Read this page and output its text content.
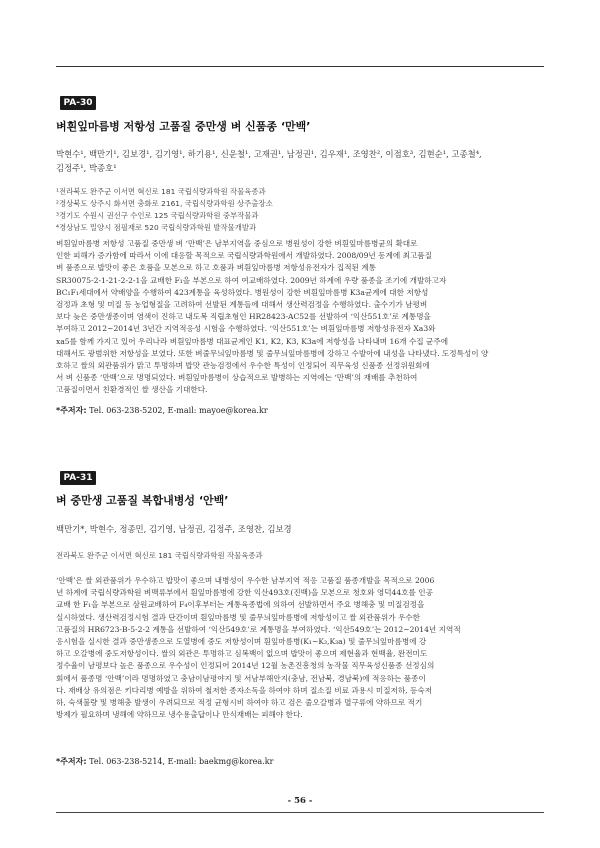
PA-30
벼흰잎마름병 저항성 고품질 중만생 벼 신품종 ‘만백’
박현수¹, 백만기¹, 김보경¹, 김기영¹, 하기용¹, 신운철¹, 고재권¹, 남정권¹, 김우재¹, 조영찬², 이점호³, 김현순¹, 고종철⁴,
김정주¹, 박종호¹
¹전라북도 완주군 이서면 혁신로 181 국립식량과학원 작물육종과
²경상북도 상주시 화서면 충화로 2161, 국립식량과학원 상주출장소
³경기도 수원시 권선구 수인로 125 국립식량과학원 중부작물과
⁴경상남도 밀양시 점필재로 520 국립식량과학원 발작물개발과

벼흰잎마름병 저항성 고품질 중만생 벼 ‘만백’은 남부지역을 중심으로 병원성이 강한 벼흰잎마름병균의 확대로

인한 피해가 증가함에 따라서 이에 대응할 목적으로 국립식량과학원에서 개발하였다. 2008/09년 동계에 최고품질

벼 품종으로 밥맛이 좋은 호품을 모본으로 하고 호품과 벼흰잎마름병 저항성유전자가 집적된 계통

SR30075-2-1-21-2-2-1을 교배한 F₁을 부본으로 하여 여교배하였다. 2009년 하계에 우량 품종을 조기에 개발하고자

BC₁F₁세대에서 약배양을 수행하여 423계통을 육성하였다. 병원성이 강한 벼흰잎마름병 K3a균계에 대한 저항성

검정과 초형 및 미질 등 농업형질을 고려하여 선발된 계통들에 대해서 생산력검정을 수행하였다. 출수기가 남평벼

보다 늦은 중만생종이며 염색이 진하고 내도복 직립초형인 HR28423-AC52를 선발하여 ‘익산551호’로 계통명을

부여하고 2012~2014년 3년간 지역적응성 시험을 수행하였다. ‘익산551호’는 벼흰잎마름병 저항성유전자 Xa3와

xa5를 함께 가지고 있어 우리나라 벼흰잎마름병 대표균계인 K1, K2, K3, K3a에 저항성을 나타내며 16개 수집 균주에

대해서도 광범위한 저항성을 보였다. 또한 벼줄무늬잎마름병 및 줄무늬잎마름병에 강하고 수발아에 내성을 나타냈다. 도정특성이 양

호하고 쌀의 외관품위가 맑고 투명하며 밥맛 관능검정에서 우수한 특성이 인정되어 직무육성 신품종 선정위원회에

서 벼 신품종 ‘만백’으로 명명되었다. 벼흰잎마름병이 상습적으로 발병하는 지역에는 ‘만백’의 재배를 추천하여

고품질이면서 친환경적인 쌀 생산을 기대한다.

*주저자: Tel. 063-238-5202, E-mail: mayoe@korea.kr
PA-31
벼 중만생 고품질 복합내병성 ‘안백’
백만기*, 박현수, 정종민, 김기영, 남정권, 김정주, 조영찬, 김보경
전라북도 완주군 이서면 혁신로 181 국립식량과학원 작물육종과

‘안백’은 쌀 외관품위가 우수하고 밥맛이 좋으며 내병성이 우수한 남부지역 적응 고품질 품종개발을 목적으로 2006

년 하계에 국립식량과학원 벼맥류부에서 흰잎마름병에 강한 익산493호(진백)을 모본으로 청호와 영덕44호를 인공

교배 한 F₁을 부본으로 삼원교배하여 F₄이후부터는 계통육종법에 의하여 선발하면서 주요 병해충 및 미질검정을

실시하였다. 생산력검정시험 결과 단간이며 흰잎마름병 및 줄무늬잎마름병에 저항성이고 쌀 외관품위가 우수한

고품질의 HR6723-B-5-2-2 계통을 선발하여 ‘익산549호’로 계통명을 부여하였다. ‘익산549호’는 2012~2014년 지역적

응시험을 실시한 결과 중만생종으로 도열병에 중도 저항성이며 흰잎마름병(K₁~K₃,K₃a) 및 줄무늬잎마름병에 강

하고 오갈병에 중도저항성이다. 쌀의 외관은 투명하고 심복백이 없으며 밥맛이 좋으며 제현율과 현백율, 완전미도

정수율이 남평보다 높은 품종으로 우수성이 인정되어 2014년 12월 농촌진흥청의 농작물 직무육성신품종 선정심의

회에서 품종명 ‘안백’이라 명명하였고 충남이남평야지 및 서남부해안지(충남, 전남북, 경남북)에 적응하는 품종이

다. 재배상 유의점은 키다리병 예방을 위하여 철저한 종자소독을 하여야 하며 질소질 비료 과용시 미질저하, 등숙저

하, 숙색불량 및 병해충 발생이 우려되므로 적정 균형시비 하여야 하고 검은 줄오갈병과 멸구류에 약하므로 적기

방제가 필요하며 냉해에 약하므로 냉수용출답이나 만식재배는 피해야 한다.

*주저자: Tel. 063-238-5214, E-mail: baekmg@korea.kr
- 56 -
